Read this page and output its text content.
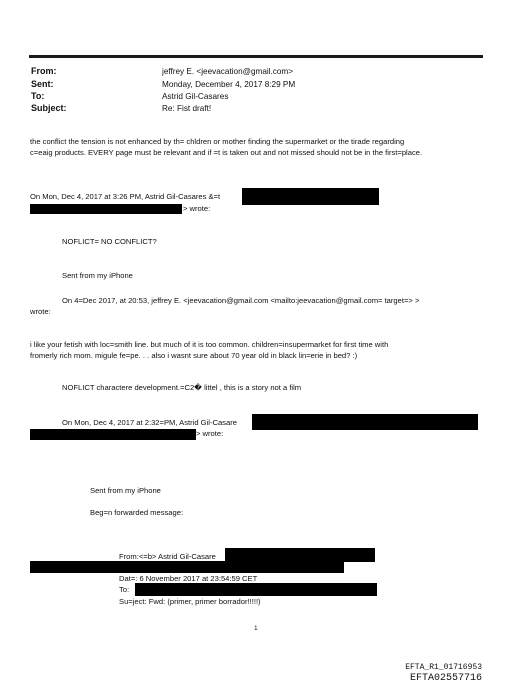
From:	jeffrey E. <jeevacation@gmail.com>
Sent:	Monday, December 4, 2017 8:29 PM
To:	Astrid Gil-Casares
Subject:	Re: Fist draft!
the conflict the tension is not enhanced by th= chldren or mother finding the supermarket or the tirade regarding
c=eaig products. EVERY page must be relevant and if =t is taken out and not missed should not be in the first=place.
On Mon, Dec 4, 2017 at 3:26 PM, Astrid Gil-Casares &=t
> wrote:
NOFLICT= NO CONFLICT?
Sent from my iPhone
On 4=Dec 2017, at 20:53, jeffrey E. <jeevacation@gmail.com <mailto:jeevacation@gmail.com= target=> >
wrote:
i like your fetish with loc=smith line. but much of it is too common. children=insupermarket for first time with
fromerly rich mom. migule fe=pe. . . also i wasnt sure about 70 year old in black lin=erie in bed? :)
NOFLICT charactere development.=C2� littel , this is a story not a film
On Mon, Dec 4, 2017 at 2:32=PM, Astrid Gil-Casare
> wrote:
Sent from my iPhone
Beg=n forwarded message:
From:<=b> Astrid Gil-Casare
Dat=: 6 November 2017 at 23:54:59 CET
To:
Su=ject: Fwd: (primer, primer borrador!!!!!)
1
EFTA_R1_01716953
EFTA02557716
